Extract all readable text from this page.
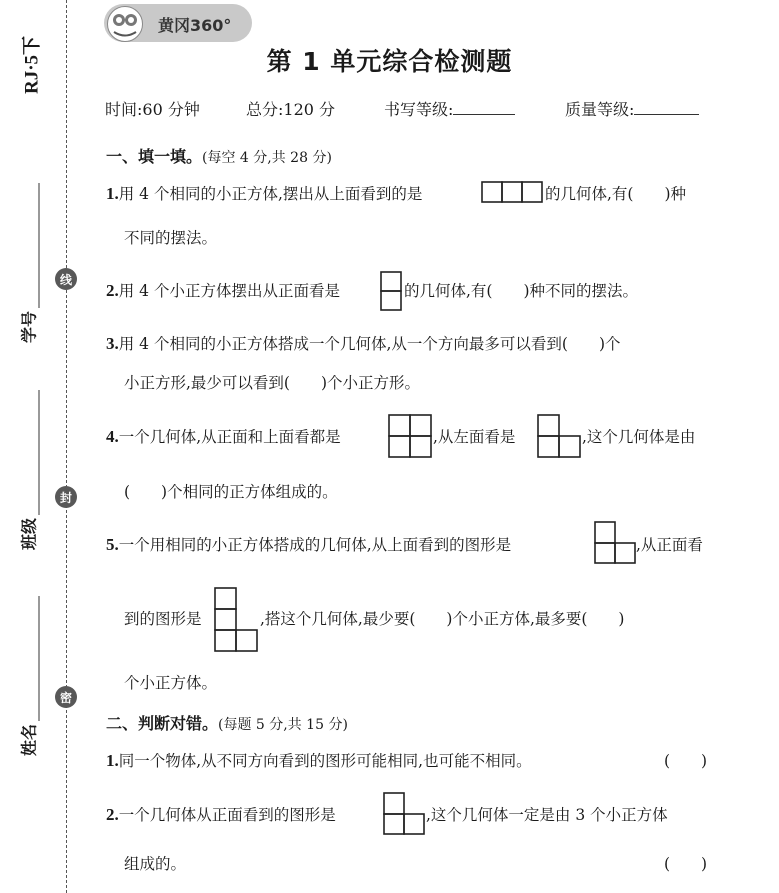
RJ·5下
学号
班级
姓名
线
封
密
黄冈360°
第 1 单元综合检测题
时间:60 分钟	总分:120 分	书写等级:	质量等级:
一、填一填。(每空 4 分,共 28 分)
1.用 4 个相同的小正方体,摆出从上面看到的是	的几何体,有(　　)种
不同的摆法。
2.用 4 个小正方体摆出从正面看是	的几何体,有(　　)种不同的摆法。
3.用 4 个相同的小正方体搭成一个几何体,从一个方向最多可以看到(　　)个
小正方形,最少可以看到(　　)个小正方形。
4.一个几何体,从正面和上面看都是	,从左面看是	,这个几何体是由
(　　)个相同的正方体组成的。
5.一个用相同的小正方体搭成的几何体,从上面看到的图形是	,从正面看
到的图形是	,搭这个几何体,最少要(　　)个小正方体,最多要(　　)
个小正方体。
二、判断对错。(每题 5 分,共 15 分)
1.同一个物体,从不同方向看到的图形可能相同,也可能不相同。	(　　)
2.一个几何体从正面看到的图形是	,这个几何体一定是由 3 个小正方体
组成的。	(　　)
